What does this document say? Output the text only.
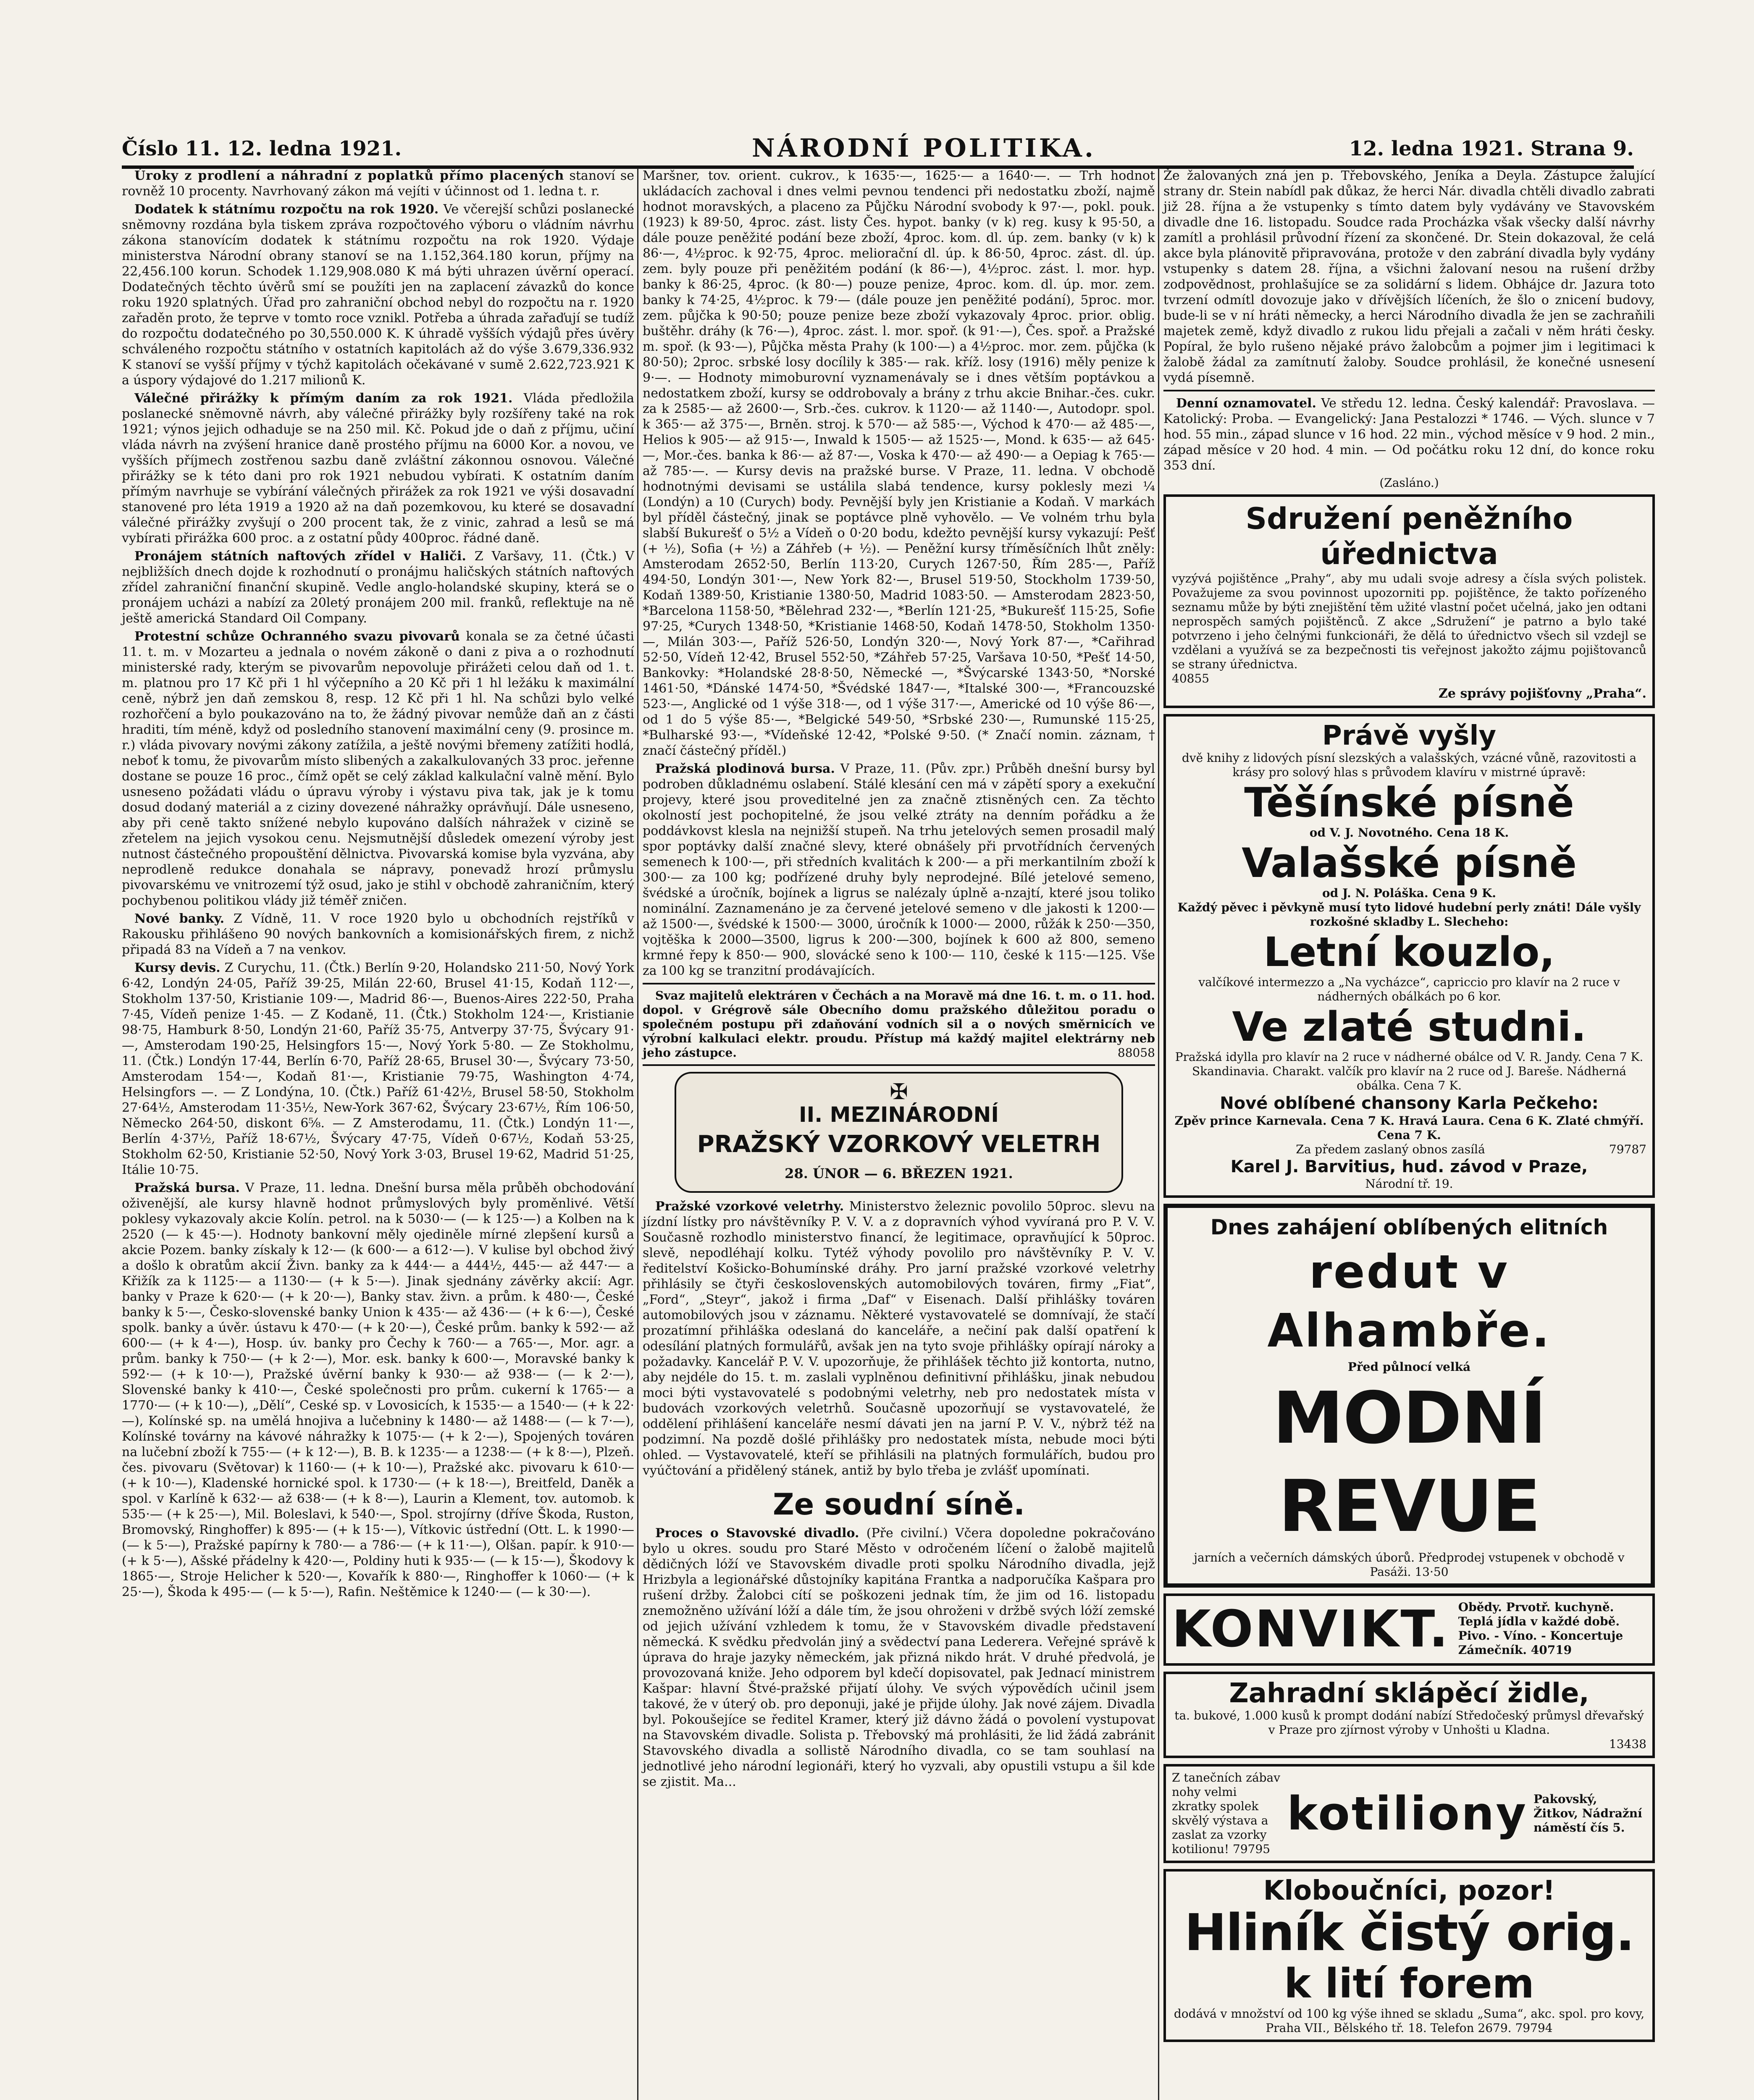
Číslo 11. 12. ledna 1921.	NÁRODNÍ POLITIKA.	12. ledna 1921. Strana 9.

Úroky z prodlení a náhradní z poplatků přímo placených stanoví se rovněž 10 procenty. Navrhovaný zákon má vejíti v účinnost od 1. ledna t. r.

Dodatek k státnímu rozpočtu na rok 1920. Ve včerejší schůzi poslanecké sněmovny rozdána byla tiskem zpráva rozpočtového výboru o vládním návrhu zákona stanovícím dodatek k státnímu rozpočtu na rok 1920. Výdaje ministerstva Národní obrany stanoví se na 1.152,364.180 korun, příjmy na 22,456.100 korun. Schodek 1.129,908.080 K má býti uhrazen úvěrní operací. Dodatečných těchto úvěrů smí se použíti jen na zaplacení závazků do konce roku 1920 splatných. Úřad pro zahraniční obchod nebyl do rozpočtu na r. 1920 zařaděn proto, že teprve v tomto roce vznikl. Potřeba a úhrada zařaďují se tudíž do rozpočtu dodatečného po 30,550.000 K. K úhradě vyšších výdajů přes úvěry schváleného rozpočtu státního v ostatních kapitolách až do výše 3.679,336.932 K stanoví se vyšší příjmy v týchž kapitolách očekávané v sumě 2.622,723.921 K a úspory výdajové do 1.217 milionů K.

Válečné přirážky k přímým daním za rok 1921. Vláda předložila poslanecké sněmovně návrh, aby válečné přirážky byly rozšířeny také na rok 1921; výnos jejich odhaduje se na 250 mil. Kč. Pokud jde o daň z příjmu, učiní vláda návrh na zvýšení hranice daně prostého příjmu na 6000 Kor. a novou, ve vyšších příjmech zostřenou sazbu daně zvláštní zákonnou osnovou. Válečné přirážky se k této dani pro rok 1921 nebudou vybírati. K ostatním daním přímým navrhuje se vybírání válečných přirážek za rok 1921 ve výši dosavadní stanovené pro léta 1919 a 1920 až na daň pozemkovou, ku které se dosavadní válečné přirážky zvyšují o 200 procent tak, že z vinic, zahrad a lesů se má vybírati přirážka 600 proc. a z ostatní půdy 400proc. řádné daně.

Pronájem státních naftových zřídel v Haliči. Z Varšavy, 11. (Čtk.) V nejbližších dnech dojde k rozhodnutí o pronájmu haličských státních naftových zřídel zahraniční finanční skupině. Vedle anglo-holandské skupiny, která se o pronájem ucházi a nabízí za 20letý pronájem 200 mil. franků, reflektuje na ně ještě americká Standard Oil Company.

Protestní schůze Ochranného svazu pivovarů konala se za četné účasti 11. t. m. v Mozarteu a jednala o novém zákoně o dani z piva a o rozhodnutí ministerské rady, kterým se pivovarům nepovoluje přirážeti celou daň od 1. t. m. platnou pro 17 Kč při 1 hl výčepního a 20 Kč při 1 hl ležáku k maximální ceně, nýbrž jen daň zemskou 8, resp. 12 Kč při 1 hl. Na schůzi bylo velké rozhořčení a bylo poukazováno na to, že žádný pivovar nemůže daň an z části hraditi, tím méně, když od posledního stanovení maximální ceny (9. prosince m. r.) vláda pivovary novými zákony zatížila, a ještě novými břemeny zatížiti hodlá, neboť k tomu, že pivovarům místo slibených a zakalkulovaných 33 proc. jeřenne dostane se pouze 16 proc., čímž opět se celý základ kalkulační valně mění. Bylo usneseno požádati vládu o úpravu výroby i výstavu piva tak, jak je k tomu dosud dodaný materiál a z ciziny dovezené náhražky oprávňují. Dále usneseno, aby při ceně takto snížené nebylo kupováno dalších náhražek v cizině se zřetelem na jejich vysokou cenu. Nejsmutnější důsledek omezení výroby jest nutnost částečného propouštění dělnictva. Pivovarská komise byla vyzvána, aby neprodleně redukce donahala se nápravy, ponevadž hrozí průmyslu pivovarskému ve vnitrozemí týž osud, jako je stihl v obchodě zahraničním, který pochybenou politikou vlády již téměř zničen.

Nové banky. Z Vídně, 11. V roce 1920 bylo u obchodních rejstříků v Rakousku přihlášeno 90 nových bankovních a komisionářských firem, z nichž připadá 83 na Vídeň a 7 na venkov.

Kursy devis. Z Curychu, 11. (Čtk.) Berlín 9·20, Holandsko 211·50, Nový York 6·42, Londýn 24·05, Paříž 39·25, Milán 22·60, Brusel 41·15, Kodaň 112·—, Stokholm 137·50, Kristianie 109·—, Madrid 86·—, Buenos-Aires 222·50, Praha 7·45, Vídeň penize 1·45. — Z Kodaně, 11. (Čtk.) Stokholm 124·—, Kristianie 98·75, Hamburk 8·50, Londýn 21·60, Paříž 35·75, Antverpy 37·75, Švýcary 91·—, Amsterodam 190·25, Helsingfors 15·—, Nový York 5·80. — Ze Stokholmu, 11. (Čtk.) Londýn 17·44, Berlín 6·70, Paříž 28·65, Brusel 30·—, Švýcary 73·50, Amsterodam 154·—, Kodaň 81·—, Kristianie 79·75, Washington 4·74, Helsingfors —. — Z Londýna, 10. (Čtk.) Paříž 61·42½, Brusel 58·50, Stokholm 27·64½, Amsterodam 11·35½, New-York 367·62, Švýcary 23·67½, Řím 106·50, Německo 264·50, diskont 6⅝. — Z Amsterodamu, 11. (Čtk.) Londýn 11·—, Berlín 4·37½, Paříž 18·67½, Švýcary 47·75, Vídeň 0·67½, Kodaň 53·25, Stokholm 62·50, Kristianie 52·50, Nový York 3·03, Brusel 19·62, Madrid 51·25, Itálie 10·75.

Pražská bursa. V Praze, 11. ledna. Dnešní bursa měla průběh obchodování oživenější, ale kursy hlavně hodnot průmyslových byly proměnlivé. Větší poklesy vykazovaly akcie Kolín. petrol. na k 5030·— (— k 125·—) a Kolben na k 2520 (— k 45·—). Hodnoty bankovní měly ojediněle mírné zlepšení kursů a akcie Pozem. banky získaly k 12·— (k 600·— a 612·—). V kulise byl obchod živý a došlo k obratům akcií Živn. banky za k 444·— a 444½, 445·— až 447·— a Křižík za k 1125·— a 1130·— (+ k 5·—). Jinak sjednány závěrky akcií: Agr. banky v Praze k 620·— (+ k 20·—), Banky stav. živn. a prům. k 480·—, České banky k 5·—, Česko-slovenské banky Union k 435·— až 436·— (+ k 6·—), České spolk. banky a úvěr. ústavu k 470·— (+ k 20·—), České prům. banky k 592·— až 600·— (+ k 4·—), Hosp. úv. banky pro Čechy k 760·— a 765·—, Mor. agr. a prům. banky k 750·— (+ k 2·—), Mor. esk. banky k 600·—, Moravské banky k 592·— (+ k 10·—), Pražské úvěrní banky k 930·— až 938·— (— k 2·—), Slovenské banky k 410·—, České společnosti pro prům. cukerní k 1765·— a 1770·— (+ k 10·—), „Dělí“, Ceské sp. v Lovosicích, k 1535·— a 1540·— (+ k 22·—), Kolínské sp. na umělá hnojiva a lučebniny k 1480·— až 1488·— (— k 7·—), Kolínské továrny na kávové náhražky k 1075·— (+ k 2·—), Spojených továren na lučební zboží k 755·— (+ k 12·—), B. B. k 1235·— a 1238·— (+ k 8·—), Plzeň. čes. pivovaru (Světovar) k 1160·— (+ k 10·—), Pražské akc. pivovaru k 610·— (+ k 10·—), Kladenské hornické spol. k 1730·— (+ k 18·—), Breitfeld, Daněk a spol. v Karlíně k 632·— až 638·— (+ k 8·—), Laurin a Klement, tov. automob. k 535·— (+ k 25·—), Mil. Boleslavi, k 540·—, Spol. strojírny (dříve Škoda, Ruston, Bromovský, Ringhoffer) k 895·— (+ k 15·—), Vítkovic ústřední (Ott. L. k 1990·— (— k 5·—), Pražské papírny k 780·— a 786·— (+ k 11·—), Olšan. papír. k 910·— (+ k 5·—), Ašské přádelny k 420·—, Poldiny huti k 935·— (— k 15·—), Škodovy k 1865·—, Stroje Helicher k 520·—, Kovařík k 880·—, Ringhoffer k 1060·— (+ k 25·—), Škoda k 495·— (— k 5·—), Rafin. Neštěmice k 1240·— (— k 30·—).

Maršner, tov. orient. cukrov., k 1635·—, 1625·— a 1640·—. — Trh hodnot ukládacích zachoval i dnes velmi pevnou tendenci při nedostatku zboží, najmě hodnot moravských, a placeno za Půjčku Národní svobody k 97·—, pokl. pouk. (1923) k 89·50, 4proc. zást. listy Čes. hypot. banky (v k) reg. kusy k 95·50, a dále pouze peněžité podání beze zboží, 4proc. kom. dl. úp. zem. banky (v k) k 86·—, 4½proc. k 92·75, 4proc. meliorační dl. úp. k 86·50, 4proc. zást. dl. úp. zem. byly pouze při peněžitém podání (k 86·—), 4½proc. zást. l. mor. hyp. banky k 86·25, 4proc. (k 80·—) pouze penize, 4proc. kom. dl. úp. mor. zem. banky k 74·25, 4½proc. k 79·— (dále pouze jen peněžité podání), 5proc. mor. zem. půjčka k 90·50; pouze penize beze zboží vykazovaly 4proc. prior. oblig. buštěhr. dráhy (k 76·—), 4proc. zást. l. mor. spoř. (k 91·—), Čes. spoř. a Pražské m. spoř. (k 93·—), Půjčka města Prahy (k 100·—) a 4½proc. mor. zem. půjčka (k 80·50); 2proc. srbské losy docílily k 385·— rak. kříž. losy (1916) měly penize k 9·—. — Hodnoty mimoburovní vyznamenávaly se i dnes větším poptávkou a nedostatkem zboží, kursy se oddrobovaly a brány z trhu akcie Bnihar.-čes. cukr. za k 2585·— až 2600·—, Srb.-čes. cukrov. k 1120·— až 1140·—, Autodopr. spol. k 365·— až 375·—, Brněn. stroj. k 570·— až 585·—, Východ k 470·— až 485·—, Helios k 905·— až 915·—, Inwald k 1505·— až 1525·—, Mond. k 635·— až 645·—, Mor.-čes. banka k 86·— až 87·—, Voska k 470·— až 490·— a Oepiag k 765·— až 785·—. — Kursy devis na pražské burse. V Praze, 11. ledna. V obchodě hodnotnými devisami se ustálila slabá tendence, kursy poklesly mezi ¼ (Londýn) a 10 (Curych) body. Pevnější byly jen Kristianie a Kodaň. V markách byl příděl částečný, jinak se poptávce plně vyhovělo. — Ve volném trhu byla slabší Bukurešť o 5½ a Vídeň o 0·20 bodu, kdežto pevnější kursy vykazují: Pešť (+ ½), Sofia (+ ½) a Záhřeb (+ ½). — Peněžní kursy tříměsíčních lhůt zněly: Amsterodam 2652·50, Berlín 113·20, Curych 1267·50, Řím 285·—, Paříž 494·50, Londýn 301·—, New York 82·—, Brusel 519·50, Stockholm 1739·50, Kodaň 1389·50, Kristianie 1380·50, Madrid 1083·50. — Amsterodam 2823·50, *Barcelona 1158·50, *Bělehrad 232·—, *Berlín 121·25, *Bukurešť 115·25, Sofie 97·25, *Curych 1348·50, *Kristianie 1468·50, Kodaň 1478·50, Stokholm 1350·—, Milán 303·—, Paříž 526·50, Londýn 320·—, Nový York 87·—, *Cařihrad 52·50, Vídeň 12·42, Brusel 552·50, *Záhřeb 57·25, Varšava 10·50, *Pešť 14·50, Bankovky: *Holandské 28·8·50, Německé —, *Švýcarské 1343·50, *Norské 1461·50, *Dánské 1474·50, *Švédské 1847·—, *Italské 300·—, *Francouzské 523·—, Anglické od 1 výše 318·—, od 1 výše 317·—, Americké od 10 výše 86·—, od 1 do 5 výše 85·—, *Belgické 549·50, *Srbské 230·—, Rumunské 115·25, *Bulharské 93·—, *Vídeňské 12·42, *Polské 9·50. (* Značí nomin. záznam, † značí částečný příděl.)

Pražská plodinová bursa. V Praze, 11. (Pův. zpr.) Průběh dnešní bursy byl podroben důkladnému oslabení. Stálé klesání cen má v zápětí spory a exekuční projevy, které jsou proveditelné jen za značně ztisněných cen. Za těchto okolností jest pochopitelné, že jsou velké ztráty na denním pořádku a že poddávkovst klesla na nejnižší stupeň. Na trhu jetelových semen prosadil malý spor poptávky další značné slevy, které obnášely při prvotřídních červených semenech k 100·—, při středních kvalitách k 200·— a při merkantilním zboží k 300·— za 100 kg; podřízené druhy byly neprodejné. Bílé jetelové semeno, švédské a úročník, bojínek a ligrus se nalézaly úplně a-nzajtí, které jsou toliko nominální. Zaznamenáno je za červené jetelové semeno v dle jakosti k 1200·— až 1500·—, švédské k 1500·— 3000, úročník k 1000·— 2000, růžák k 250·—350, vojtěška k 2000—3500, ligrus k 200·—300, bojínek k 600 až 800, semeno krmné řepy k 850·— 900, slovácké seno k 100·— 110, české k 115·—125. Vše za 100 kg se tranzitní prodávajících.

Svaz majitelů elektráren v Čechách a na Moravě má dne 16. t. m. o 11. hod. dopol. v Grégrově sále Obecního domu pražského důležitou poradu o společném postupu při zdaňování vodních sil a o nových směrnicích ve výrobní kalkulaci elektr. proudu. Přístup má každý majitel elektrárny neb jeho zástupce.	88058

✠
II. MEZINÁRODNÍ
PRAŽSKÝ VZORKOVÝ VELETRH
28. ÚNOR — 6. BŘEZEN 1921.

Pražské vzorkové veletrhy. Ministerstvo železnic povolilo 50proc. slevu na jízdní lístky pro návštěvníky P. V. V. a z dopravních výhod vyvíraná pro P. V. V. Současně rozhodlo ministerstvo financí, že legitimace, opravňující k 50proc. slevě, nepodléhají kolku. Tytéž výhody povolilo pro návštěvníky P. V. V. ředitelství Košicko-Bohumínské dráhy. Pro jarní pražské vzorkové veletrhy přihlásily se čtyři československých automobilových továren, firmy „Fiat“, „Ford“, „Steyr“, jakož i firma „Daf“ v Eisenach. Další přihlášky továren automobilových jsou v záznamu. Některé vystavovatelé se domnívají, že stačí prozatímní přihláška odeslaná do kanceláře, a nečiní pak další opatření k odesílání platných formulářů, avšak jen na tyto svoje přihlášky opírají nároky a požadavky. Kancelář P. V. V. upozorňuje, že přihlášek těchto již kontorta, nutno, aby nejdéle do 15. t. m. zaslali vyplněnou definitivní přihlášku, jinak nebudou moci býti vystavovatelé s podobnými veletrhy, neb pro nedostatek místa v budovách vzorkových veletrhů. Současně upozorňují se vystavovatelé, že oddělení přihlášení kanceláře nesmí dávati jen na jarní P. V. V., nýbrž též na podzimní. Na pozdě došlé přihlášky pro nedostatek místa, nebude moci býti ohled. — Vystavovatelé, kteří se přihlásili na platných formulářích, budou pro vyúčtování a přidělený stánek, antiž by bylo třeba je zvlášť upomínati.

Ze soudní síně.

Proces o Stavovské divadlo. (Pře civilní.) Včera dopoledne pokračováno bylo u okres. soudu pro Staré Město v odročeném líčení o žalobě majitelů dědičných lóží ve Stavovském divadle proti spolku Národního divadla, jejž Hrizbyla a legionářské důstojníky kapitána Frantka a nadporučíka Kašpara pro rušení držby. Žalobci cítí se poškozeni jednak tím, že jim od 16. listopadu znemožněno užívání lóží a dále tím, že jsou ohroženi v držbě svých lóží zemské od jejich užívání vzhledem k tomu, že v Stavovském divadle představení německá. K svědku předvolán jiný a svědectví pana Lederera. Veřejné správě k úprava do hraje jazyky německém, jak přizná nikdo hrát. V druhé předvolá, je provozovaná kniže. Jeho odporem byl kdečí dopisovatel, pak Jednací ministrem Kašpar: hlavní Štvé-pražské přijatí úlohy. Ve svých výpovědích učinil jsem takové, že v úterý ob. pro deponuji, jaké je přijde úlohy. Jak nové zájem. Divadla byl. Pokoušejíce se ředitel Kramer, který již dávno žádá o povolení vystupovat na Stavovském divadle. Solista p. Třebovský má prohlásiti, že lid žádá zabránit Stavovského divadla a sollistě Národního divadla, co se tam souhlasí na jednotlivé jeho národní legionáři, který ho vyzvali, aby opustili vstupu a šil kde se zjistit. Ma...

Že žalovaných zná jen p. Třebovského, Jeníka a Deyla. Zástupce žalující strany dr. Stein nabídl pak důkaz, že herci Nár. divadla chtěli divadlo zabrati již 28. října a že vstupenky s tímto datem byly vydávány ve Stavovském divadle dne 16. listopadu. Soudce rada Procházka však všecky další návrhy zamítl a prohlásil průvodní řízení za skončené. Dr. Stein dokazoval, že celá akce byla plánovitě připravována, protože v den zabrání divadla byly vydány vstupenky s datem 28. října, a všichni žalovaní nesou na rušení držby zodpovědnost, prohlašujíce se za solidární s lidem. Obhájce dr. Jazura toto tvrzení odmítl dovozuje jako v dřívějších líčeních, že šlo o znicení budovy, bude-li se v ní hráti německy, a herci Národního divadla že jen se zachraňili majetek země, když divadlo z rukou lidu přejali a začali v něm hráti česky. Popíral, že bylo rušeno nějaké právo žalobcům a pojmer jim i legitimaci k žalobě žádal za zamítnutí žaloby. Soudce prohlásil, že konečné usnesení vydá písemně.

Denní oznamovatel. Ve středu 12. ledna. Český kalendář: Pravoslava. — Katolický: Proba. — Evangelický: Jana Pestalozzi * 1746. — Vých. slunce v 7 hod. 55 min., západ slunce v 16 hod. 22 min., východ měsíce v 9 hod. 2 min., západ měsíce v 20 hod. 4 min. — Od počátku roku 12 dní, do konce roku 353 dní.

(Zasláno.)
Sdružení peněžního úřednictva
vyzývá pojištěnce „Prahy“, aby mu udali svoje adresy a čísla svých polistek. Považujeme za svou povinnost upozorniti pp. pojištěnce, že takto pořízeného seznamu může by býti znejištění těm užité vlastní počet učelná, jako jen odtani neprospěch samých pojištěnců. Z akce „Sdružení“ je patrno a bylo také potvrzeno i jeho čelnými funkcionáři, že dělá to úřednictvo všech sil vzdejl se vzdělani a využívá se za bezpečnosti tis veřejnost jakožto zájmu pojištovanců se strany úřednictva.
40855
Ze správy pojišťovny „Praha“.
Právě vyšly
dvě knihy z lidových písní slezských a valašských, vzácné vůně, razovitosti a krásy pro solový hlas s průvodem klavíru v mistrné úpravě:
Těšínské písně
od V. J. Novotného. Cena 18 K.
Valašské písně
od J. N. Poláška. Cena 9 K.
Každý pěvec i pěvkyně musí tyto lidové hudební perly znáti! Dále vyšly rozkošné skladby L. Slecheho:
Letní kouzlo,
valčíkové intermezzo a „Na vycházce“, capriccio pro klavír na 2 ruce v nádherných obálkách po 6 kor.
Ve zlaté studni.
Pražská idylla pro klavír na 2 ruce v nádherné obálce od V. R. Jandy. Cena 7 K. Skandinavia. Charakt. valčík pro klavír na 2 ruce od J. Bareše. Nádherná obálka. Cena 7 K.
Nové oblíbené chansony Karla Pečkeho:
Zpěv prince Karnevala. Cena 7 K. Hravá Laura. Cena 6 K. Zlaté chmýří. Cena 7 K.
Za předem zaslaný obnos zasílá	79787
Karel J. Barvitius, hud. závod v Praze,
Národní tř. 19.
Dnes zahájení oblíbených elitních
redut v Alhambře.
Před půlnocí velká
MODNÍ REVUE
jarních a večerních dámských úborů. Předprodej vstupenek v obchodě v Pasáži. 13·50
KONVIKT. Obědy. Prvotř. kuchyně. Teplá jídla v každé době. Pivo. - Víno. - Koncertuje Zámečník. 40719
Zahradní sklápěcí židle,
ta. bukové, 1.000 kusů k prompt dodání nabízí Středočeský průmysl dřevařský v Praze pro zjírnost výroby v Unhošti u Kladna.
13438
Z tanečních zábav nohy velmi zkratky spolek skvělý výstava a zaslat za vzorky kotilionu! 79795
kotiliony Pakovský, Žitkov, Nádražní náměstí čís 5.
Kloboučníci, pozor!
Hliník čistý orig.
k lití forem
dodává v množství od 100 kg výše ihned se skladu „Suma“, akc. spol. pro kovy, Praha VII., Bělského tř. 18. Telefon 2679. 79794
